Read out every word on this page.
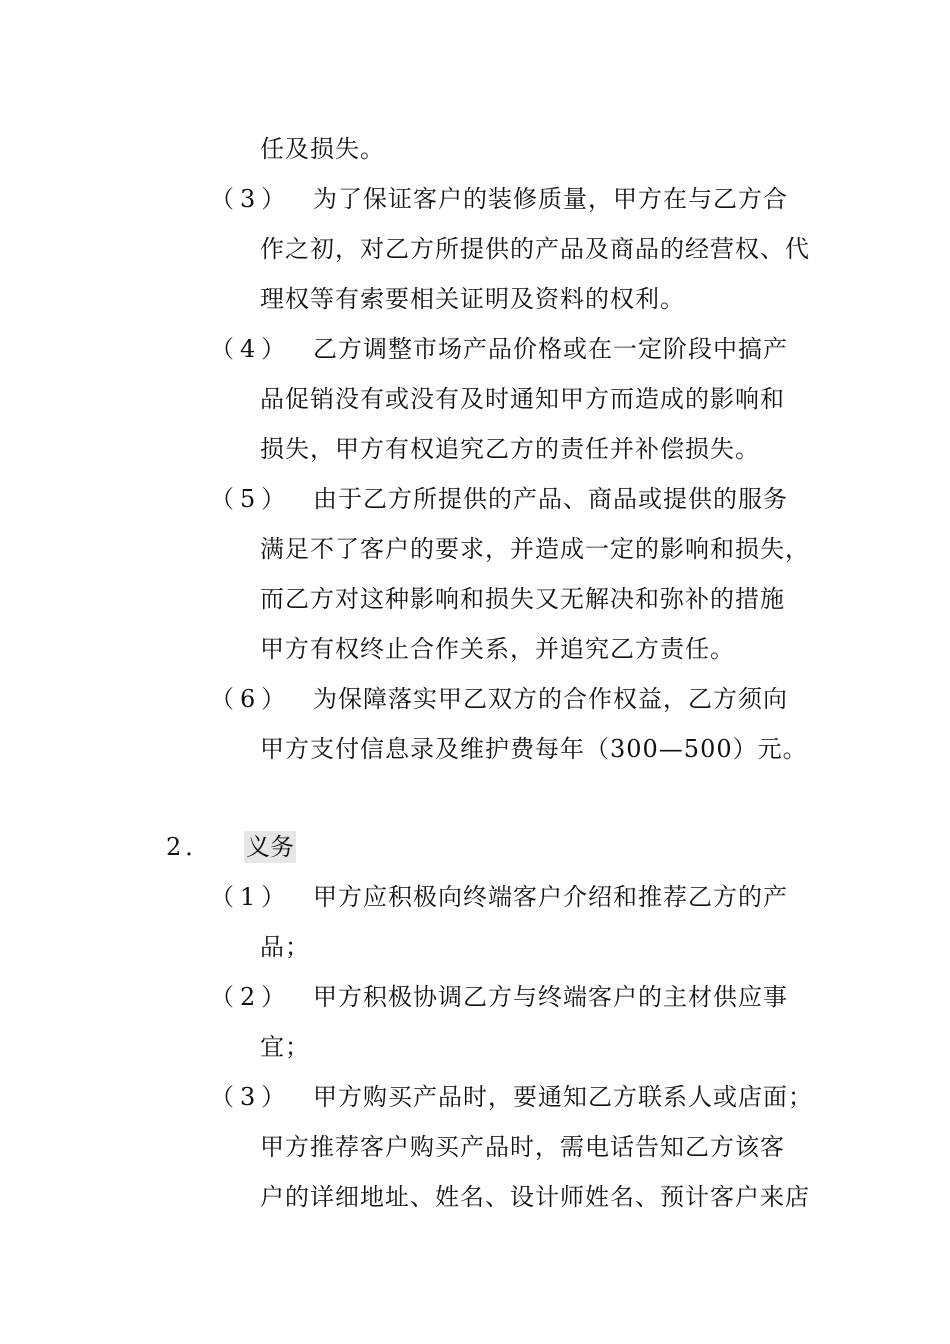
任及损失。
（3） 为了保证客户的装修质量，甲方在与乙方合
作之初，对乙方所提供的产品及商品的经营权、代
理权等有索要相关证明及资料的权利。
（4） 乙方调整市场产品价格或在一定阶段中搞产
品促销没有或没有及时通知甲方而造成的影响和
损失，甲方有权追究乙方的责任并补偿损失。
（5） 由于乙方所提供的产品、商品或提供的服务
满足不了客户的要求，并造成一定的影响和损失，
而乙方对这种影响和损失又无解决和弥补的措施
甲方有权终止合作关系，并追究乙方责任。
（6） 为保障落实甲乙双方的合作权益，乙方须向
甲方支付信息录及维护费每年（300—500）元。
2． 义务
（1） 甲方应积极向终端客户介绍和推荐乙方的产
品；
（2） 甲方积极协调乙方与终端客户的主材供应事
宜；
（3） 甲方购买产品时，要通知乙方联系人或店面；
甲方推荐客户购买产品时，需电话告知乙方该客
户的详细地址、姓名、设计师姓名、预计客户来店
